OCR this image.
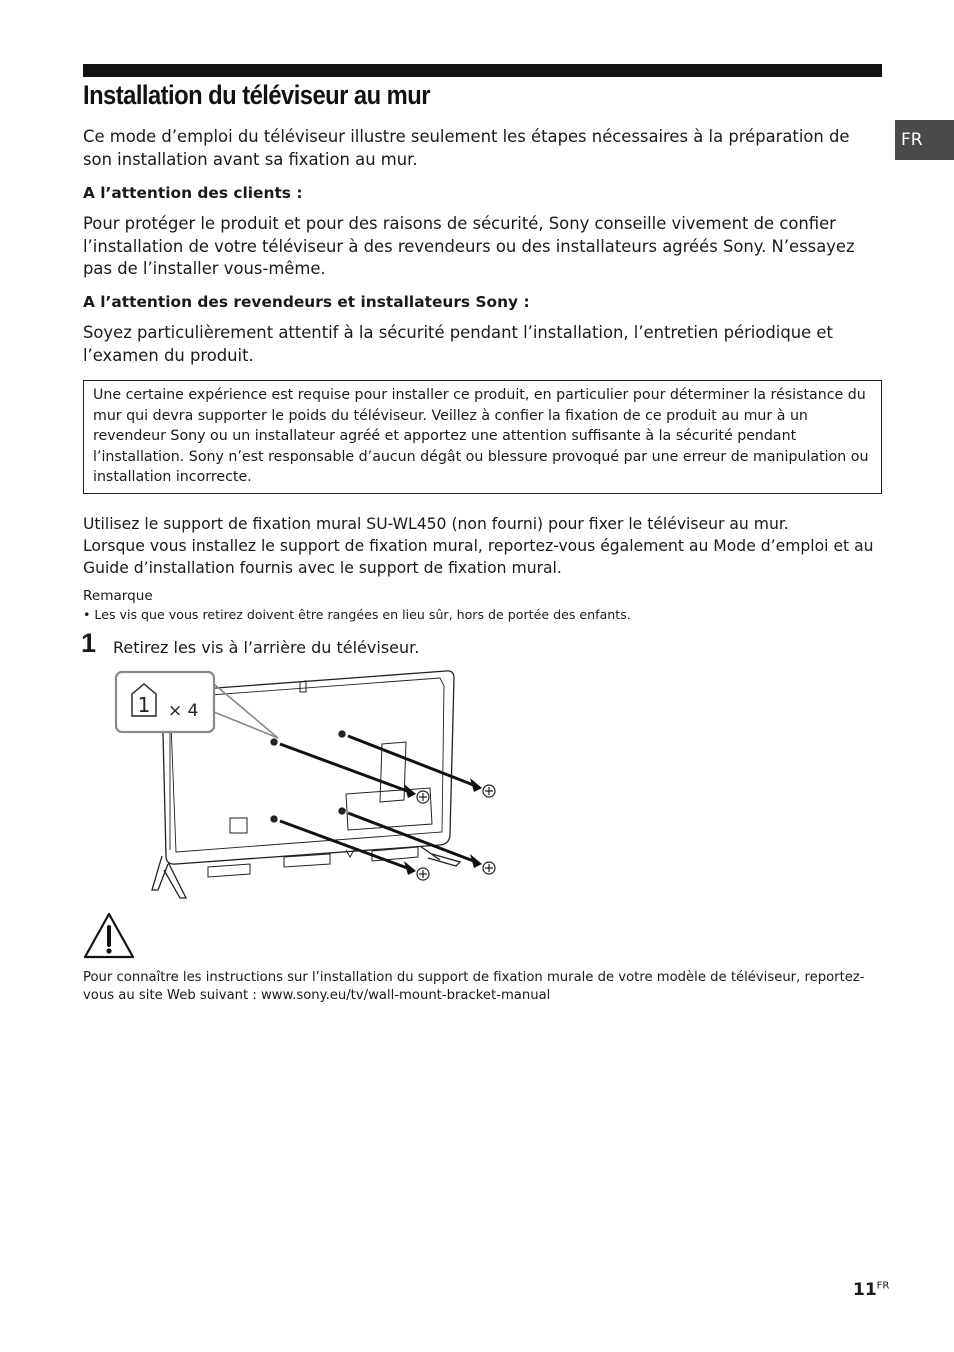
Installation du téléviseur au mur
FR

Ce mode d’emploi du téléviseur illustre seulement les étapes nécessaires à la préparation de son installation avant sa fixation au mur.

A l’attention des clients :

Pour protéger le produit et pour des raisons de sécurité, Sony conseille vivement de confier l’installation de votre téléviseur à des revendeurs ou des installateurs agréés Sony. N’essayez pas de l’installer vous-même.

A l’attention des revendeurs et installateurs Sony :

Soyez particulièrement attentif à la sécurité pendant l’installation, l’entretien périodique et l’examen du produit.

Une certaine expérience est requise pour installer ce produit, en particulier pour déterminer la résistance du mur qui devra supporter le poids du téléviseur. Veillez à confier la fixation de ce produit au mur à un revendeur Sony ou un installateur agréé et apportez une attention suffisante à la sécurité pendant l’installation. Sony n’est responsable d’aucun dégât ou blessure provoqué par une erreur de manipulation ou installation incorrecte.
Utilisez le support de fixation mural SU-WL450 (non fourni) pour fixer le téléviseur au mur.
Lorsque vous installez le support de fixation mural, reportez-vous également au Mode d’emploi et au Guide d’installation fournis avec le support de fixation mural.

Remarque

• Les vis que vous retirez doivent être rangées en lieu sûr, hors de portée des enfants.

1 Retirez les vis à l’arrière du téléviseur.

1 × 4

Pour connaître les instructions sur l’installation du support de fixation murale de votre modèle de téléviseur, reportez-vous au site Web suivant : www.sony.eu/tv/wall-mount-bracket-manual

$11^{FR}$
